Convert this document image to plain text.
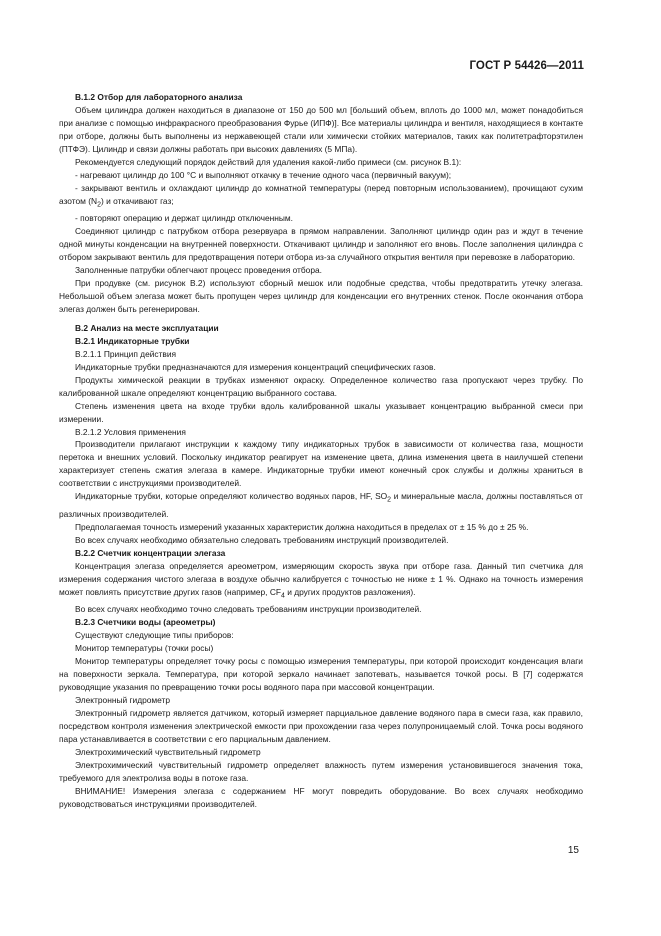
ГОСТ Р 54426—2011

В.1.2 Отбор для лабораторного анализа

Объем цилиндра должен находиться в диапазоне от 150 до 500 мл [больший объем, вплоть до 1000 мл, может понадобиться при анализе с помощью инфракрасного преобразования Фурье (ИПФ)]. Все материалы цилиндра и вентиля, находящиеся в контакте при отборе, должны быть выполнены из нержавеющей стали или химически стойких материалов, таких как политетрафторэтилен (ПТФЭ). Цилиндр и связи должны работать при высоких давлениях (5 МПа).

Рекомендуется следующий порядок действий для удаления какой-либо примеси (см. рисунок В.1):

- нагревают цилиндр до 100 °С и выполняют откачку в течение одного часа (первичный вакуум);

- закрывают вентиль и охлаждают цилиндр до комнатной температуры (перед повторным использованием), прочищают сухим азотом $(N_2)$ и откачивают газ;

- повторяют операцию и держат цилиндр отключенным.

Соединяют цилиндр с патрубком отбора резервуара в прямом направлении. Заполняют цилиндр один раз и ждут в течение одной минуты конденсации на внутренней поверхности. Откачивают цилиндр и заполняют его вновь. После заполнения цилиндра с отбором закрывают вентиль для предотвращения потери отбора из-за случайного открытия вентиля при перевозке в лабораторию.

Заполненные патрубки облегчают процесс проведения отбора.

При продувке (см. рисунок В.2) используют сборный мешок или подобные средства, чтобы предотвратить утечку элегаза. Небольшой объем элегаза может быть пропущен через цилиндр для конденсации его внутренних стенок. После окончания отбора элегаз должен быть регенерирован.

В.2 Анализ на месте эксплуатации

В.2.1 Индикаторные трубки

В.2.1.1 Принцип действия

Индикаторные трубки предназначаются для измерения концентраций специфических газов.

Продукты химической реакции в трубках изменяют окраску. Определенное количество газа пропускают через трубку. По калиброванной шкале определяют концентрацию выбранного состава.

Степень изменения цвета на входе трубки вдоль калиброванной шкалы указывает концентрацию выбранной смеси при измерении.

В.2.1.2 Условия применения

Производители прилагают инструкции к каждому типу индикаторных трубок в зависимости от количества газа, мощности перетока и внешних условий. Поскольку индикатор реагирует на изменение цвета, длина изменения цвета в наилучшей степени характеризует степень сжатия элегаза в камере. Индикаторные трубки имеют конечный срок службы и должны храниться в соответствии с инструкциями производителей.

Индикаторные трубки, которые определяют количество водяных паров, HF, $SO_2$ и минеральные масла, должны поставляться от различных производителей.

Предполагаемая точность измерений указанных характеристик должна находиться в пределах от ± 15 % до ± 25 %.

Во всех случаях необходимо обязательно следовать требованиям инструкций производителей.

В.2.2 Счетчик концентрации элегаза

Концентрация элегаза определяется ареометром, измеряющим скорость звука при отборе газа. Данный тип счетчика для измерения содержания чистого элегаза в воздухе обычно калибруется с точностью не ниже ± 1 %. Однако на точность измерения может повлиять присутствие других газов (например, $CF_4$ и других продуктов разложения).

Во всех случаях необходимо точно следовать требованиям инструкции производителей.

В.2.3 Счетчики воды (ареометры)

Существуют следующие типы приборов:

Монитор температуры (точки росы)

Монитор температуры определяет точку росы с помощью измерения температуры, при которой происходит конденсация влаги на поверхности зеркала. Температура, при которой зеркало начинает запотевать, называется точкой росы. В [7] содержатся руководящие указания по превращению точки росы водяного пара при массовой концентрации.

Электронный гидрометр

Электронный гидрометр является датчиком, который измеряет парциальное давление водяного пара в смеси газа, как правило, посредством контроля изменения электрической емкости при прохождении газа через полупроницаемый слой. Точка росы водяного пара устанавливается в соответствии с его парциальным давлением.

Электрохимический чувствительный гидрометр

Электрохимический чувствительный гидрометр определяет влажность путем измерения установившегося значения тока, требуемого для электролиза воды в потоке газа.

ВНИМАНИЕ! Измерения элегаза с содержанием HF могут повредить оборудование. Во всех случаях необходимо руководствоваться инструкциями производителей.

15
